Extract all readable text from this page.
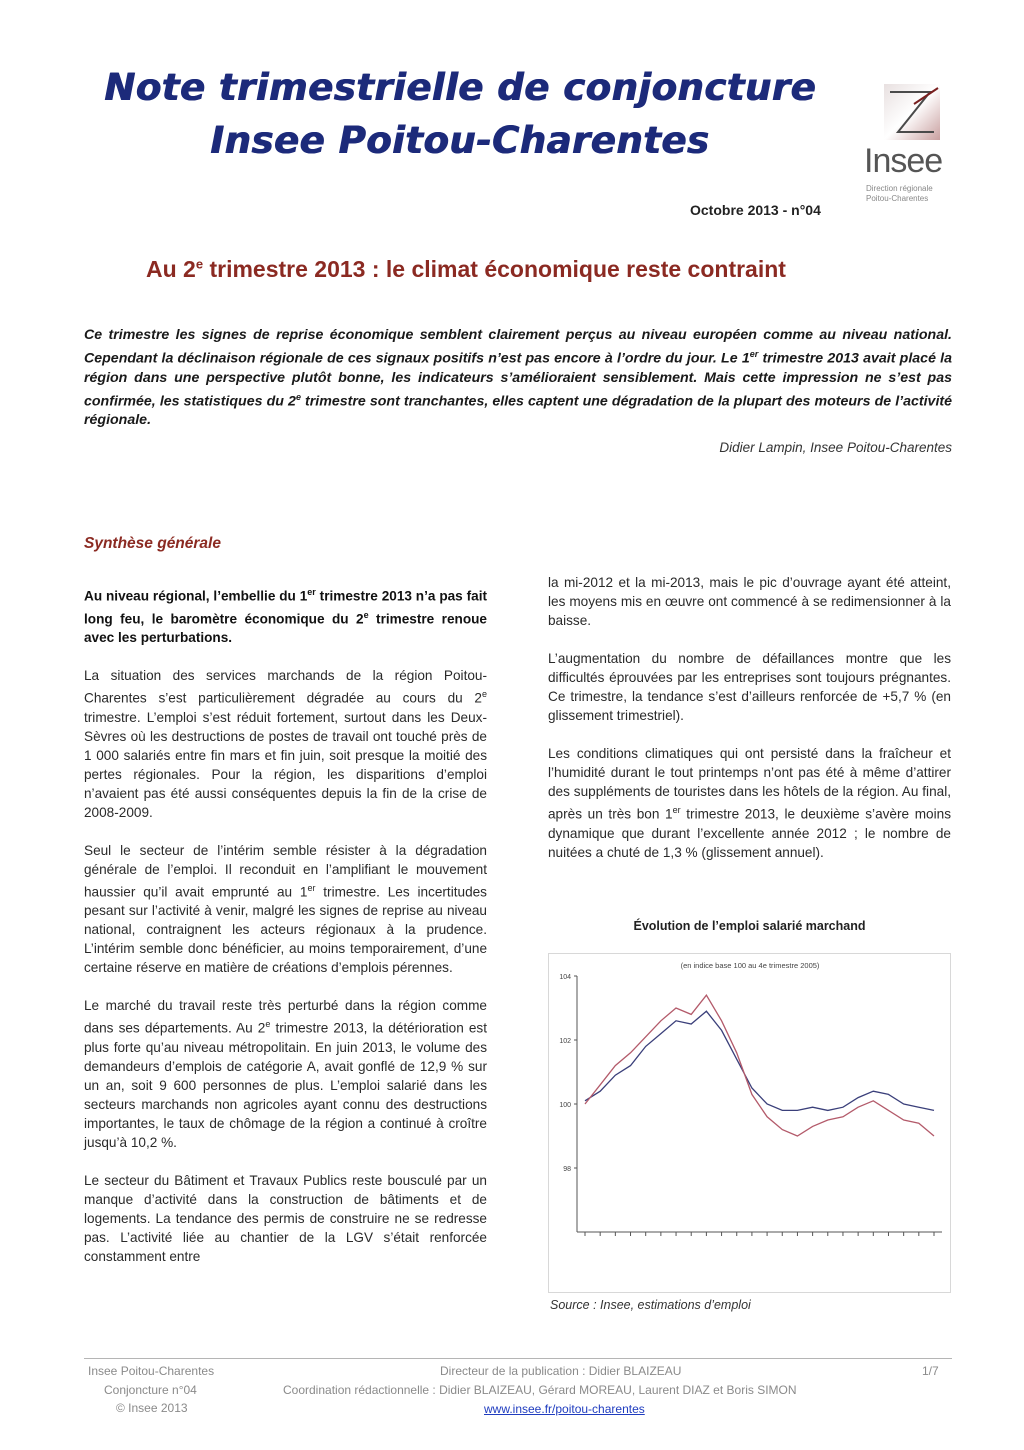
Note trimestrielle de conjoncture
Insee Poitou-Charentes	Insee
Direction régionale
Poitou-Charentes
Octobre 2013 - n°04
Au 2e trimestre 2013 : le climat économique reste contraint
Ce trimestre les signes de reprise économique semblent clairement perçus au niveau européen comme au niveau national. Cependant la déclinaison régionale de ces signaux positifs n’est pas encore à l’ordre du jour. Le 1er trimestre 2013 avait placé la région dans une perspective plutôt bonne, les indicateurs s’amélioraient sensiblement. Mais cette impression ne s’est pas confirmée, les statistiques du 2e trimestre sont tranchantes, elles captent une dégradation de la plupart des moteurs de l’activité régionale.
Didier Lampin, Insee Poitou-Charentes
Synthèse générale

Au niveau régional, l’embellie du 1er trimestre 2013 n’a pas fait long feu, le baromètre économique du 2e trimestre renoue avec les perturbations.

La situation des services marchands de la région Poitou-Charentes s’est particulièrement dégradée au cours du 2e trimestre. L’emploi s’est réduit fortement, surtout dans les Deux-Sèvres où les destructions de postes de travail ont touché près de 1 000 salariés entre fin mars et fin juin, soit presque la moitié des pertes régionales. Pour la région, les disparitions d’emploi n’avaient pas été aussi conséquentes depuis la fin de la crise de 2008-2009.

Seul le secteur de l’intérim semble résister à la dégradation générale de l’emploi. Il reconduit en l’amplifiant le mouvement haussier qu’il avait emprunté au 1er trimestre. Les incertitudes pesant sur l’activité à venir, malgré les signes de reprise au niveau national, contraignent les acteurs régionaux à la prudence. L’intérim semble donc bénéficier, au moins temporairement, d’une certaine réserve en matière de créations d’emplois pérennes.

Le marché du travail reste très perturbé dans la région comme dans ses départements. Au 2e trimestre 2013, la détérioration est plus forte qu’au niveau métropolitain. En juin 2013, le volume des demandeurs d’emplois de catégorie A, avait gonflé de 12,9 % sur un an, soit 9 600 personnes de plus. L’emploi salarié dans les secteurs marchands non agricoles ayant connu des destructions importantes, le taux de chômage de la région a continué à croître jusqu’à 10,2 %.

Le secteur du Bâtiment et Travaux Publics reste bousculé par un manque d’activité dans la construction de bâtiments et de logements. La tendance des permis de construire ne se redresse pas. L’activité liée au chantier de la LGV s’était renforcée constamment entre

la mi-2012 et la mi-2013, mais le pic d’ouvrage ayant été atteint, les moyens mis en œuvre ont commencé à se redimensionner à la baisse.

L’augmentation du nombre de défaillances montre que les difficultés éprouvées par les entreprises sont toujours prégnantes. Ce trimestre, la tendance s’est d’ailleurs renforcée de +5,7 % (en glissement trimestriel).

Les conditions climatiques qui ont persisté dans la fraîcheur et l’humidité durant le tout printemps n’ont pas été à même d’attirer des suppléments de touristes dans les hôtels de la région. Au final, après un très bon 1er trimestre 2013, le deuxième s’avère moins dynamique que durant l’excellente année 2012 ; le nombre de nuitées a chuté de 1,3 % (glissement annuel).

Évolution de l’emploi salarié marchand
(en indice base 100 au 4e trimestre 2005)
104
102
100
98
Source : Insee, estimations d’emploi
Insee Poitou-Charentes
Conjoncture n°04
© Insee 2013
Directeur de la publication : Didier BLAIZEAU
Coordination rédactionnelle : Didier BLAIZEAU, Gérard MOREAU, Laurent DIAZ et Boris SIMON
www.insee.fr/poitou-charentes
1/7
